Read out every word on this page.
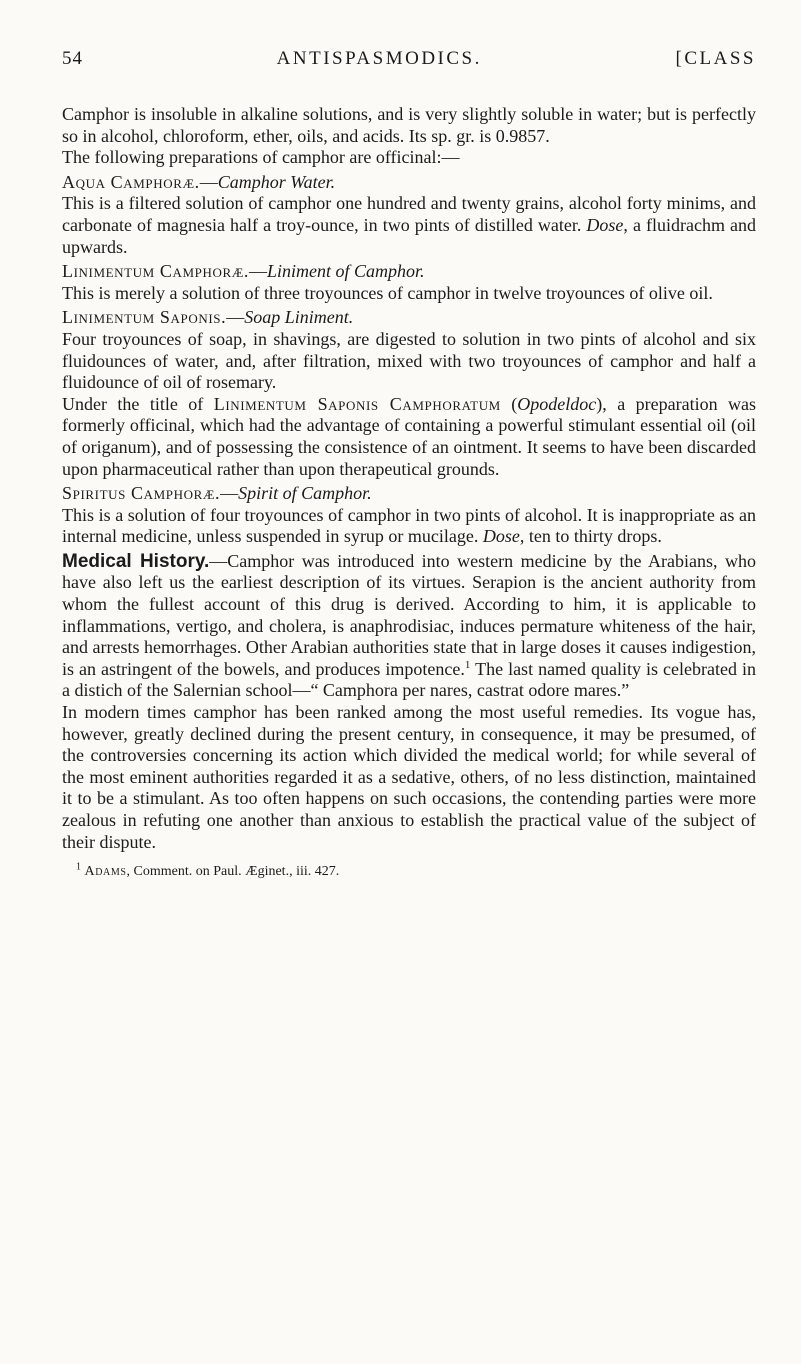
54	ANTISPASMODICS.	[CLASS

Camphor is insoluble in alkaline solutions, and is very slightly soluble in water; but is perfectly so in alcohol, chloroform, ether, oils, and acids. Its sp. gr. is 0.9857.

The following preparations of camphor are officinal:—

Aqua Camphoræ.—Camphor Water.

This is a filtered solution of camphor one hundred and twenty grains, alcohol forty minims, and carbonate of magnesia half a troy-ounce, in two pints of distilled water. Dose, a fluidrachm and upwards.

Linimentum Camphoræ.—Liniment of Camphor.

This is merely a solution of three troyounces of camphor in twelve troyounces of olive oil.

Linimentum Saponis.—Soap Liniment.

Four troyounces of soap, in shavings, are digested to solution in two pints of alcohol and six fluidounces of water, and, after filtration, mixed with two troyounces of camphor and half a fluidounce of oil of rosemary.

Under the title of Linimentum Saponis Camphoratum (Opodeldoc), a preparation was formerly officinal, which had the advantage of containing a powerful stimulant essential oil (oil of origanum), and of possessing the consistence of an ointment. It seems to have been discarded upon pharmaceutical rather than upon therapeutical grounds.

Spiritus Camphoræ.—Spirit of Camphor.

This is a solution of four troyounces of camphor in two pints of alcohol. It is inappropriate as an internal medicine, unless suspended in syrup or mucilage. Dose, ten to thirty drops.

Medical History.—Camphor was introduced into western medicine by the Arabians, who have also left us the earliest description of its virtues. Serapion is the ancient authority from whom the fullest account of this drug is derived. According to him, it is applicable to inflammations, vertigo, and cholera, is anaphrodisiac, induces permature whiteness of the hair, and arrests hemorrhages. Other Arabian authorities state that in large doses it causes indigestion, is an astringent of the bowels, and produces impotence.$^1$ The last named quality is celebrated in a distich of the Salernian school—“ Camphora per nares, castrat odore mares.”

In modern times camphor has been ranked among the most useful remedies. Its vogue has, however, greatly declined during the present century, in consequence, it may be presumed, of the controversies concerning its action which divided the medical world; for while several of the most eminent authorities regarded it as a sedative, others, of no less distinction, maintained it to be a stimulant. As too often happens on such occasions, the contending parties were more zealous in refuting one another than anxious to establish the practical value of the subject of their dispute.

$^1$ Adams, Comment. on Paul. Æginet., iii. 427.
